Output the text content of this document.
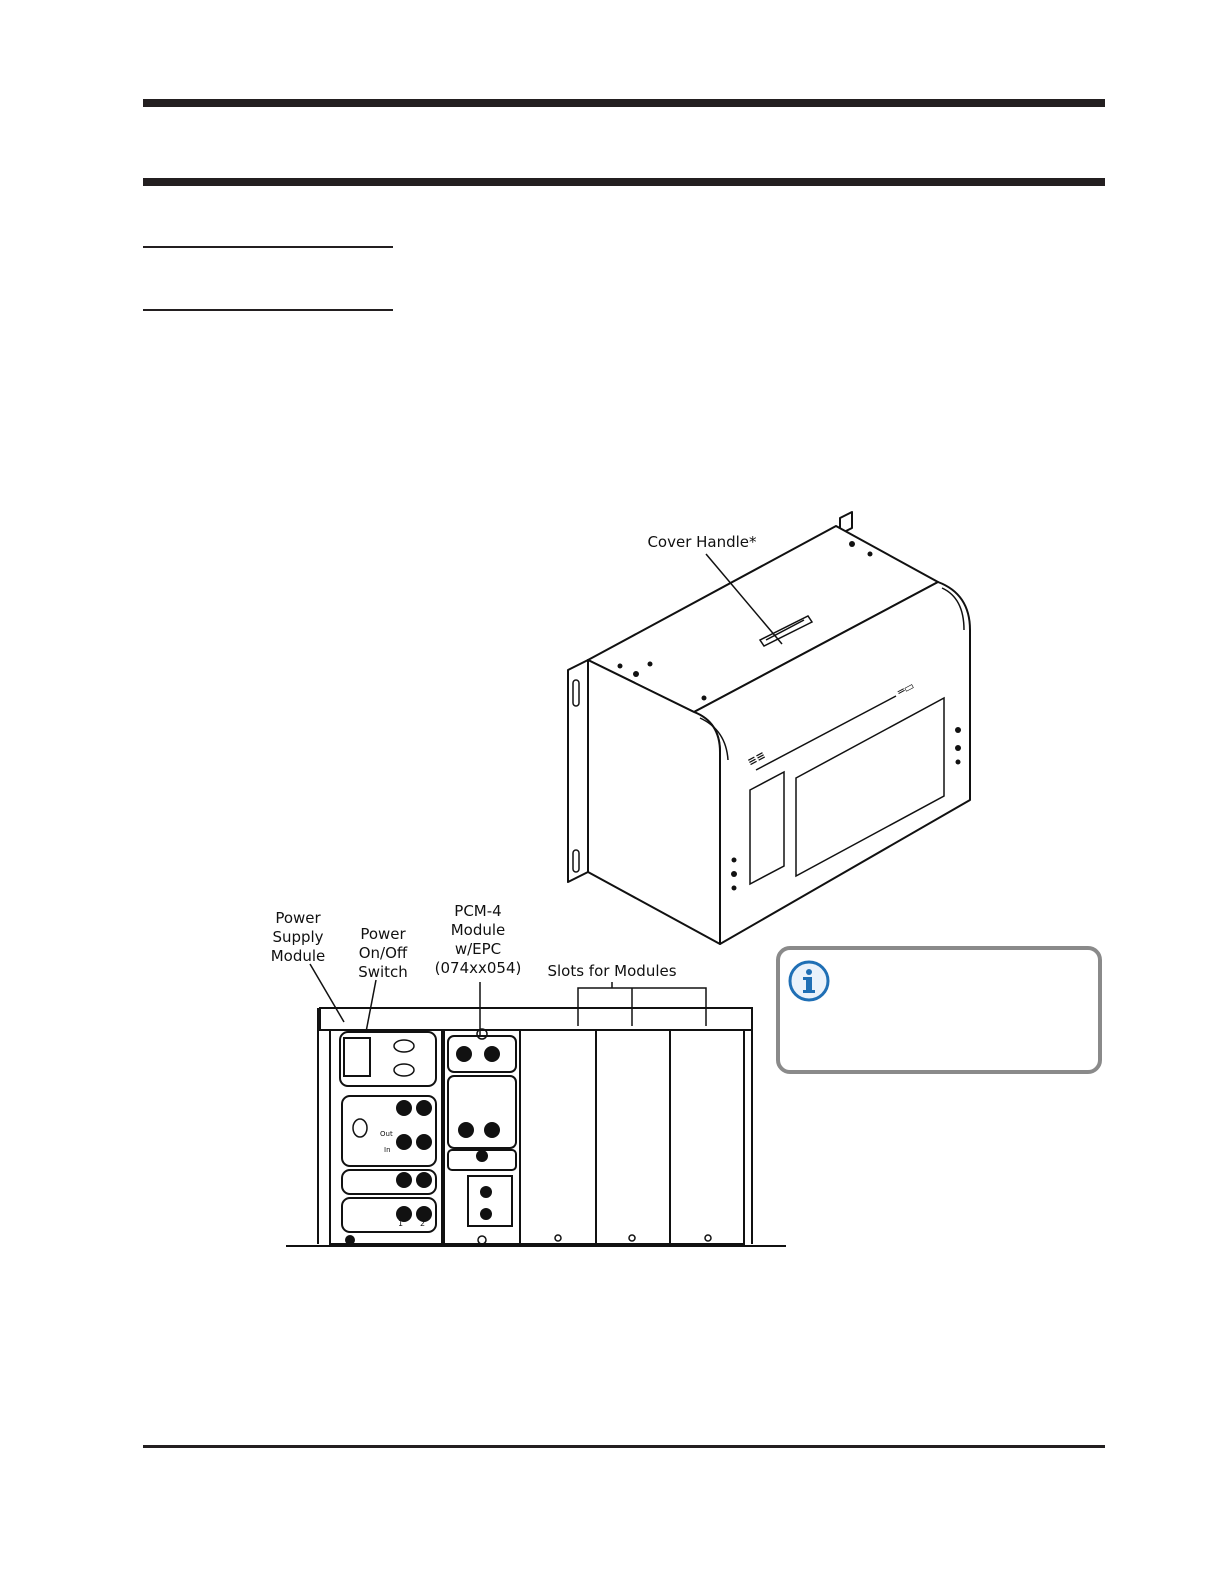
≡≡
═▭
Cover Handle*
Out
In
1 2
Power
Supply
Module
Power
On/Off
Switch
PCM-4
Module
w/EPC
(074xx054)	Slots for Modules
